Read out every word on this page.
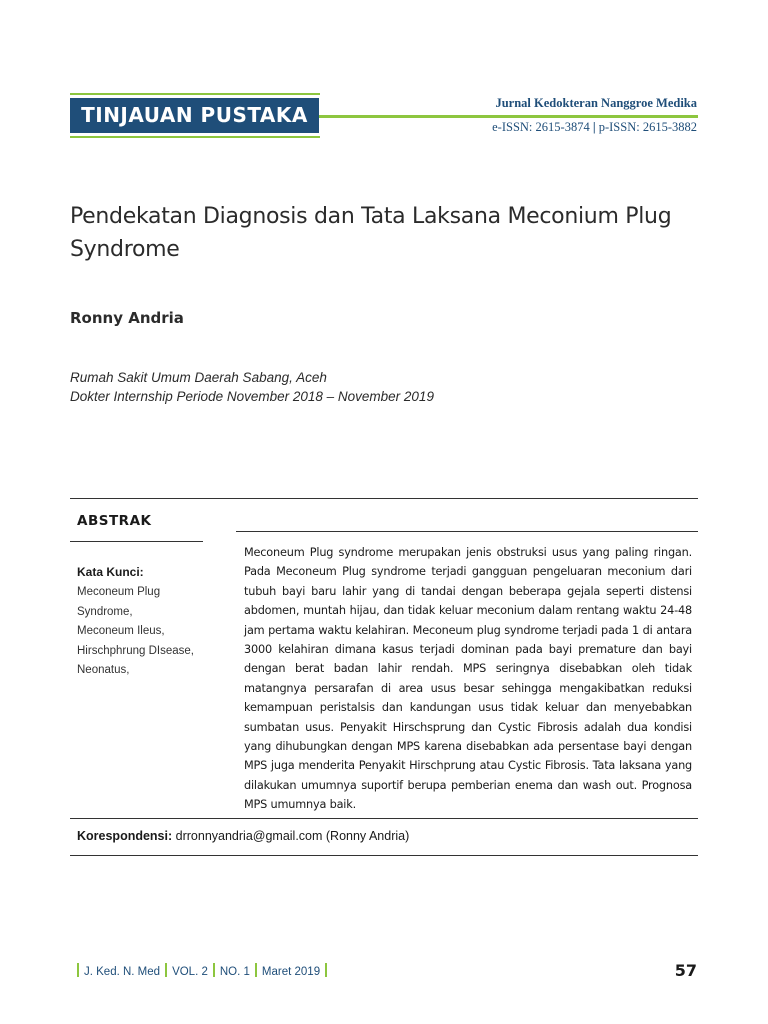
TINJAUAN PUSTAKA	Jurnal Kedokteran Nanggroe Medika
e-ISSN: 2615-3874 | p-ISSN: 2615-3882
Pendekatan Diagnosis dan Tata Laksana Meconium Plug Syndrome
Ronny Andria
Rumah Sakit Umum Daerah Sabang, Aceh
Dokter Internship Periode November 2018 – November 2019
ABSTRAK
Kata Kunci:
Meconeum Plug
Syndrome,
Meconeum Ileus,
Hirschphrung DIsease,
Neonatus,
Meconeum Plug syndrome merupakan jenis obstruksi usus yang paling ringan. Pada Meconeum Plug syndrome terjadi gangguan pengeluaran meconium dari tubuh bayi baru lahir yang di tandai dengan beberapa gejala seperti distensi abdomen, muntah hijau, dan tidak keluar meconium dalam rentang waktu 24-48 jam pertama waktu kelahiran. Meconeum plug syndrome terjadi pada 1 di antara 3000 kelahiran dimana kasus terjadi dominan pada bayi premature dan bayi dengan berat badan lahir rendah. MPS seringnya disebabkan oleh tidak matangnya persarafan di area usus besar sehingga mengakibatkan reduksi kemampuan peristalsis dan kandungan usus tidak keluar dan menyebabkan sumbatan usus. Penyakit Hirschsprung dan Cystic Fibrosis adalah dua kondisi yang dihubungkan dengan MPS karena disebabkan ada persentase bayi dengan MPS juga menderita Penyakit Hirschprung atau Cystic Fibrosis. Tata laksana yang dilakukan umumnya suportif berupa pemberian enema dan wash out. Prognosa MPS umumnya baik.
Korespondensi: drronnyandria@gmail.com (Ronny Andria)
J. Ked. N. Med VOL. 2 NO. 1 Maret 2019	57
